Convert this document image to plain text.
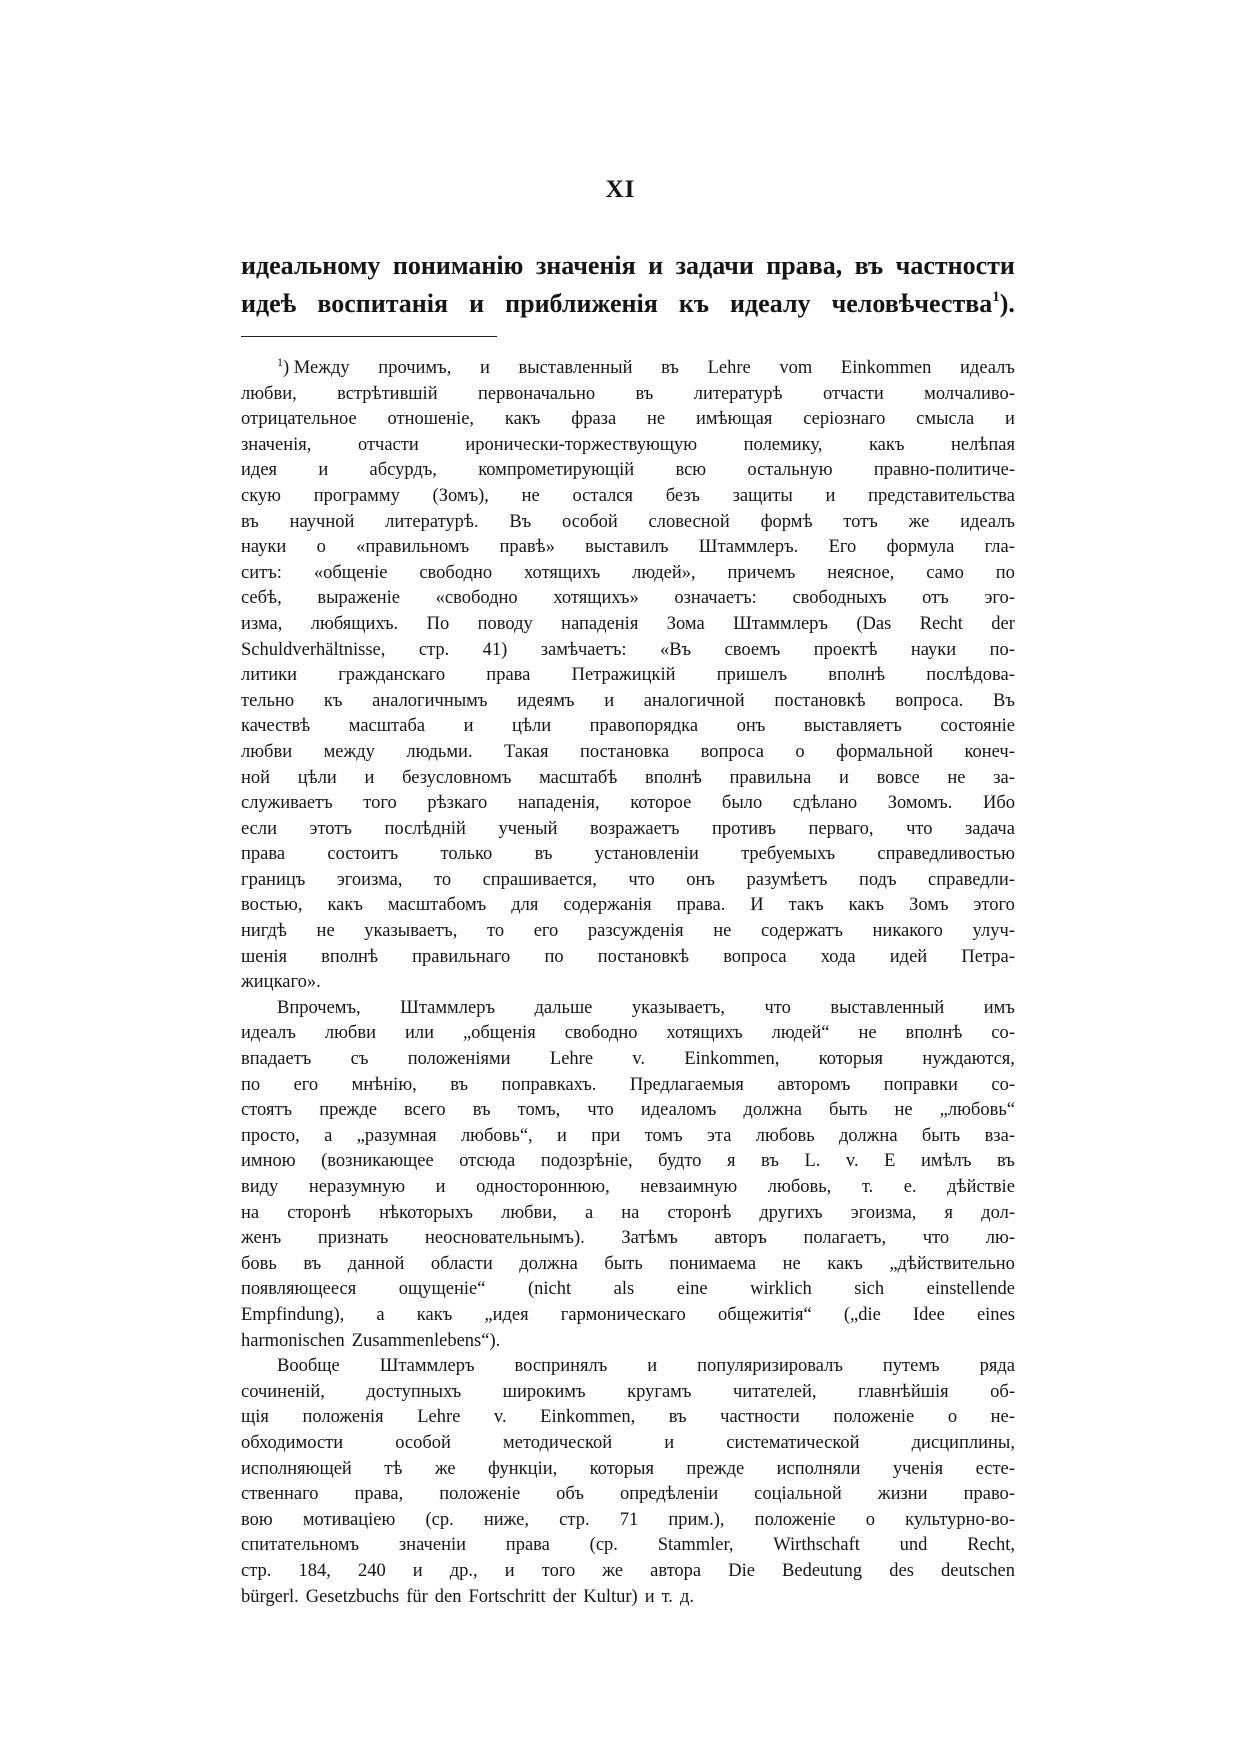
XI
идеальному пониманію значенія и задачи права, въ частности
идеѣ воспитанія и приближенія къ идеалу человѣчества$^1$).
$^1$) Между прочимъ, и выставленный въ Lehre vom Einkommen идеалъ
любви, встрѣтившій первоначально въ литературѣ отчасти молчаливо-
отрицательное отношеніе, какъ фраза не имѣющая серіознаго смысла и
значенія,	отчасти	иронически-торжествующую	полемику,	какъ	нелѣпая
идея и абсурдъ, компрометирующій всю остальную правно-политиче-
скую программу (Зомъ), не остался безъ защиты и представительства
въ научной литературѣ. Въ особой словесной формѣ тотъ же идеалъ
науки о «правильномъ правѣ» выставилъ Штаммлеръ. Его формула гла-
ситъ: «общеніе свободно хотящихъ людей», причемъ неясное, само по
себѣ, выраженіе «свободно хотящихъ» означаетъ: свободныхъ отъ эго-
изма, любящихъ. По поводу нападенія Зома Штаммлеръ (Das Recht der
Schuldverhältnisse, стр. 41) замѣчаетъ: «Въ своемъ проектѣ науки по-
литики гражданскаго права Петражицкій пришелъ вполнѣ послѣдова-
тельно къ аналогичнымъ идеямъ и аналогичной постановкѣ вопроса. Въ
качествѣ масштаба и цѣли правопорядка онъ выставляетъ состояніе
любви между людьми. Такая постановка вопроса о формальной конеч-
ной цѣли и безусловномъ масштабѣ вполнѣ правильна и вовсе не за-
служиваетъ того рѣзкаго нападенія, которое было сдѣлано Зомомъ. Ибо
если этотъ послѣдній ученый возражаетъ противъ перваго, что задача
права состоитъ только въ установленіи требуемыхъ справедливостью
границъ эгоизма, то спрашивается, что онъ разумѣетъ подъ справедли-
востью, какъ масштабомъ для содержанія права. И такъ какъ Зомъ этого
нигдѣ не указываетъ, то его разсужденія не содержатъ никакого улуч-
шенія вполнѣ правильнаго по постановкѣ вопроса хода идей Петра-
жицкаго».
Впрочемъ, Штаммлеръ дальше указываетъ, что выставленный имъ
идеалъ любви или „общенія свободно хотящихъ людей“ не вполнѣ со-
впадаетъ съ положеніями Lehre v. Einkommen, которыя нуждаются,
по его мнѣнію, въ поправкахъ. Предлагаемыя авторомъ поправки со-
стоятъ прежде всего въ томъ, что идеаломъ должна быть не „любовь“
просто, а „разумная любовь“, и при томъ эта любовь должна быть вза-
имною (возникающее отсюда подозрѣніе, будто я въ L. v. E имѣлъ въ
виду неразумную и одностороннюю, невзаимную любовь, т. е. дѣйствіе
на сторонѣ нѣкоторыхъ любви, а на сторонѣ другихъ эгоизма, я дол-
женъ признать неосновательнымъ). Затѣмъ авторъ полагаетъ, что лю-
бовь въ данной области должна быть понимаема не какъ „дѣйствительно
появляющееся ощущеніе“ (nicht als eine wirklich sich einstellende
Empfindung), а какъ „идея гармоническаго общежитія“ („die Idee eines
harmonischen Zusammenlebens“).
Вообще Штаммлеръ воспринялъ и популяризировалъ путемъ ряда
сочиненій, доступныхъ широкимъ кругамъ читателей, главнѣйшія об-
щія положенія Lehre v. Einkommen, въ частности положеніе о не-
обходимости	особой	методической	и	систематической	дисциплины,
исполняющей тѣ же функціи, которыя прежде исполняли ученія есте-
ственнаго права, положеніе объ опредѣленіи соціальной жизни право-
вою мотиваціею (ср. ниже, стр. 71 прим.), положеніе о культурно-во-
спитательномъ значеніи права (ср. Stammler, Wirthschaft und Recht,
стр. 184, 240 и др., и того же автора Die Bedeutung des deutschen
bürgerl. Gesetzbuchs für den Fortschritt der Kultur) и т. д.
